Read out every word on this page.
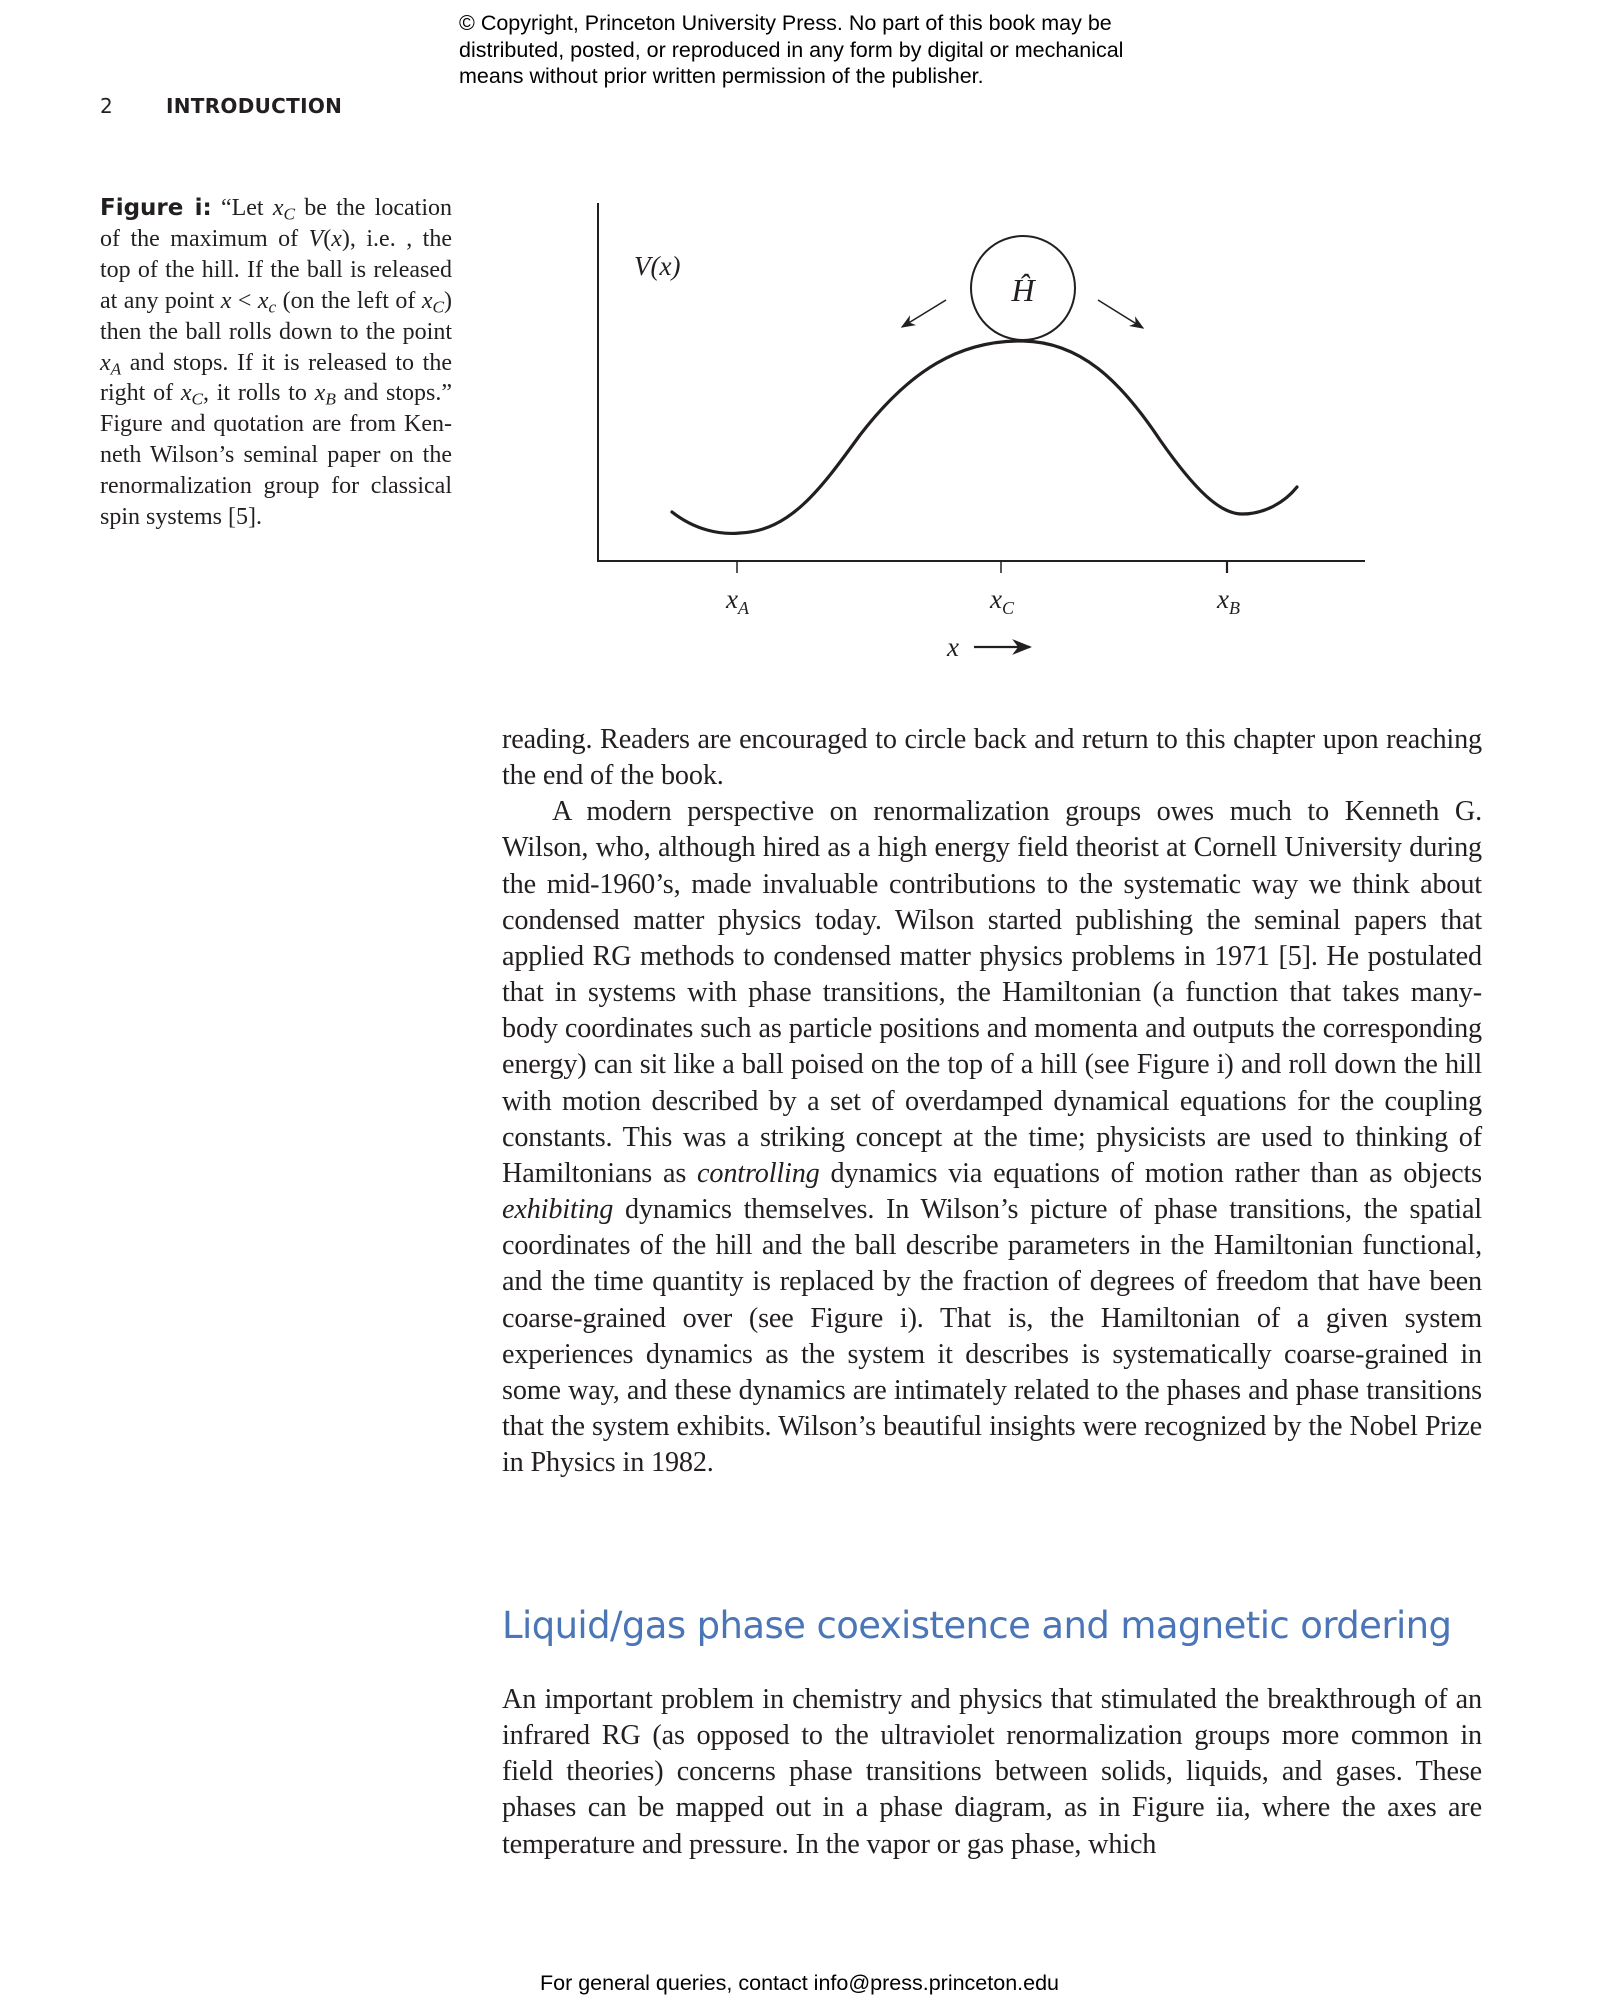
© Copyright, Princeton University Press. No part of this book may be
distributed, posted, or reproduced in any form by digital or mechanical
means without prior written permission of the publisher.
2	INTRODUCTION

Figure i: “Let $x_C$ be the location of the maximum of V(x), i.e. , the top of the hill. If the ball is released at any point $x < x_c$ (on the left of $x_C$) then the ball rolls down to the point $x_A$ and stops. If it is released to the right of $x_C$, it rolls to $x_B$ and stops.” Figure and quotation are from Kenneth Wilson’s seminal paper on the renormalization group for classical spin systems [5].

Ĥ
V(x)
$x_A$	$x_C$	$x_B$
x

reading. Readers are encouraged to circle back and return to this chapter upon reaching the end of the book.

A modern perspective on renormalization groups owes much to Kenneth G. Wilson, who, although hired as a high energy field theorist at Cornell University during the mid-1960’s, made invaluable contributions to the systematic way we think about condensed matter physics today. Wilson started publishing the seminal papers that applied RG methods to condensed matter physics problems in 1971 [5]. He postulated that in systems with phase transitions, the Hamiltonian (a function that takes many-body coordinates such as particle positions and momenta and outputs the corresponding energy) can sit like a ball poised on the top of a hill (see Figure i) and roll down the hill with motion described by a set of overdamped dynamical equations for the coupling constants. This was a striking concept at the time; physicists are used to thinking of Hamiltonians as controlling dynamics via equations of motion rather than as objects exhibiting dynamics themselves. In Wilson’s picture of phase transitions, the spatial coordinates of the hill and the ball describe parameters in the Hamiltonian functional, and the time quantity is replaced by the fraction of degrees of freedom that have been coarse-grained over (see Figure i). That is, the Hamiltonian of a given system experiences dynamics as the system it describes is systematically coarse-grained in some way, and these dynamics are intimately related to the phases and phase transitions that the system exhibits. Wilson’s beautiful insights were recognized by the Nobel Prize in Physics in 1982.

Liquid/gas phase coexistence and magnetic ordering

An important problem in chemistry and physics that stimulated the breakthrough of an infrared RG (as opposed to the ultraviolet renormalization groups more common in field theories) concerns phase transitions between solids, liquids, and gases. These phases can be mapped out in a phase diagram, as in Figure iia, where the axes are temperature and pressure. In the vapor or gas phase, which

For general queries, contact info@press.princeton.edu
